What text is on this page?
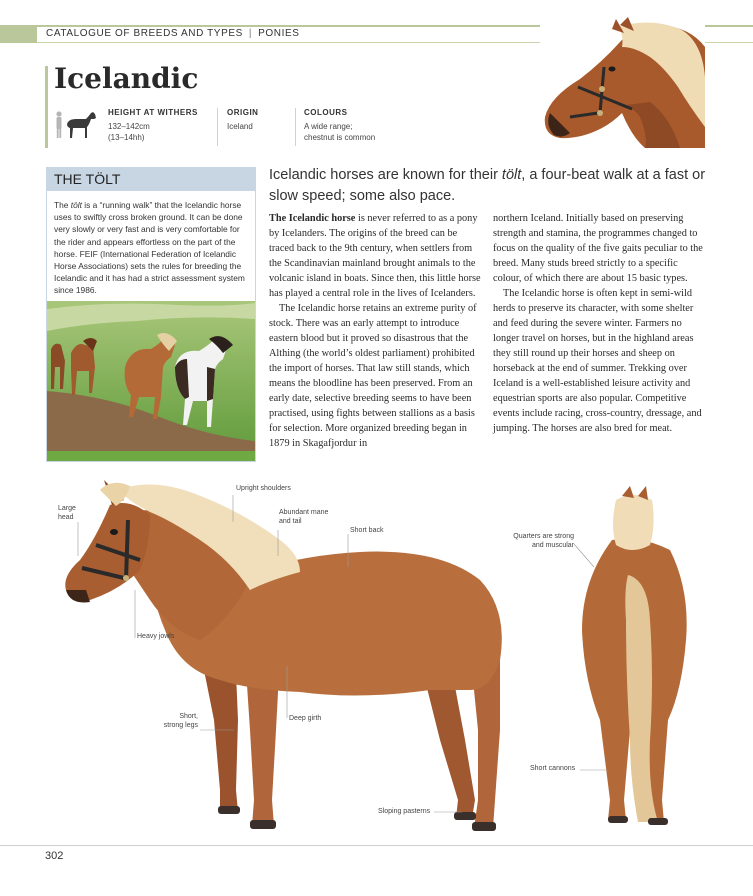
CATALOGUE OF BREEDS AND TYPES | PONIES
Icelandic
HEIGHT AT WITHERS
132–142cm
(13–14hh)
ORIGIN
Iceland
COLOURS
A wide range;
chestnut is common
THE TÖLT

The tölt is a “running walk” that the Icelandic horse uses to swiftly cross broken ground. It can be done very slowly or very fast and is very comfortable for the rider and appears effortless on the part of the horse. FEIF (International Federation of Icelandic Horse Associations) sets the rules for breeding the Icelandic and it has had a strict assessment system since 1986.

Icelandic horses are known for their tölt, a four-beat walk at a fast or slow speed; some also pace.

The Icelandic horse is never referred to as a pony by Icelanders. The origins of the breed can be traced back to the 9th century, when settlers from the Scandinavian mainland brought animals to the volcanic island in boats. Since then, this little horse has played a central role in the lives of Icelanders.

The Icelandic horse retains an extreme purity of stock. There was an early attempt to introduce eastern blood but it proved so disastrous that the Althing (the world’s oldest parliament) prohibited the import of horses. That law still stands, which means the bloodline has been preserved. From an early date, selective breeding seems to have been practised, using fights between stallions as a basis for selection. More organized breeding began in 1879 in Skagafjordur in

northern Iceland. Initially based on preserving strength and stamina, the programmes changed to focus on the quality of the five gaits peculiar to the breed. Many studs breed strictly to a specific colour, of which there are about 15 basic types.

The Icelandic horse is often kept in semi-wild herds to preserve its character, with some shelter and feed during the severe winter. Farmers no longer travel on horses, but in the highland areas they still round up their horses and sheep on horseback at the end of summer. Trekking over Iceland is a well-established leisure activity and equestrian sports are also popular. Competitive events include racing, cross-country, dressage, and jumping. The horses are also bred for meat.

Large head
Upright shoulders
Abundant mane and tail
Short back
Quarters are strong and muscular
Heavy jowls
Short, strong legs
Deep girth
Short cannons
Sloping pasterns
302
